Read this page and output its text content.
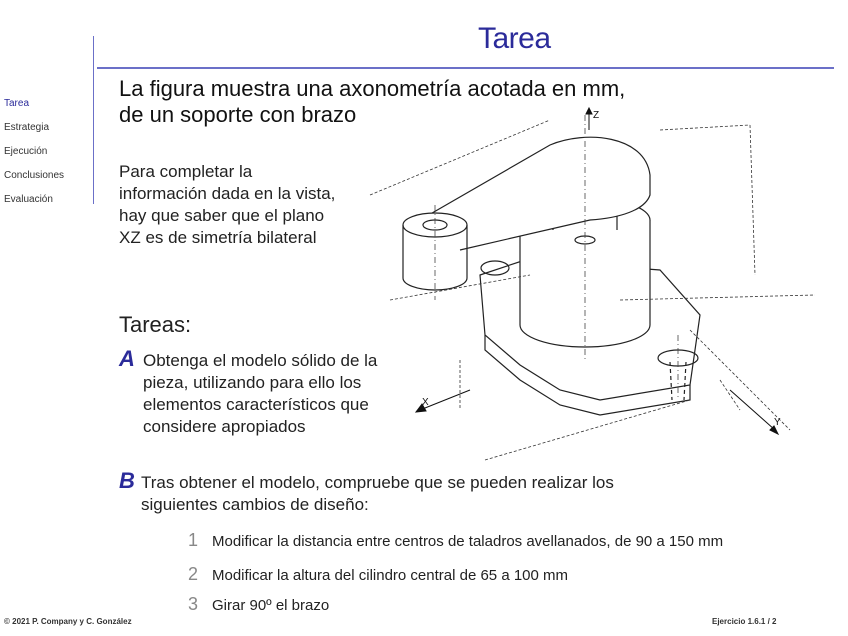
Tarea
Tarea
Estrategia
Ejecución
Conclusiones
Evaluación
La figura muestra una axonometría acotada en mm,
de un soporte con brazo
Para completar la
información dada en la vista,
hay que saber que el plano
XZ es de simetría bilateral
Tareas:
A Obtenga el modelo sólido de la
pieza, utilizando para ello los
elementos característicos que
considere apropiados
B Tras obtener el modelo, compruebe que se pueden realizar los
siguientes cambios de diseño:
1 Modificar la distancia entre centros de taladros avellanados, de 90 a 150 mm
2 Modificar la altura del cilindro central de 65 a 100 mm
3 Girar 90º el brazo
Z
X
Y
© 2021 P. Company y C. González	Ejercicio 1.6.1 / 2
